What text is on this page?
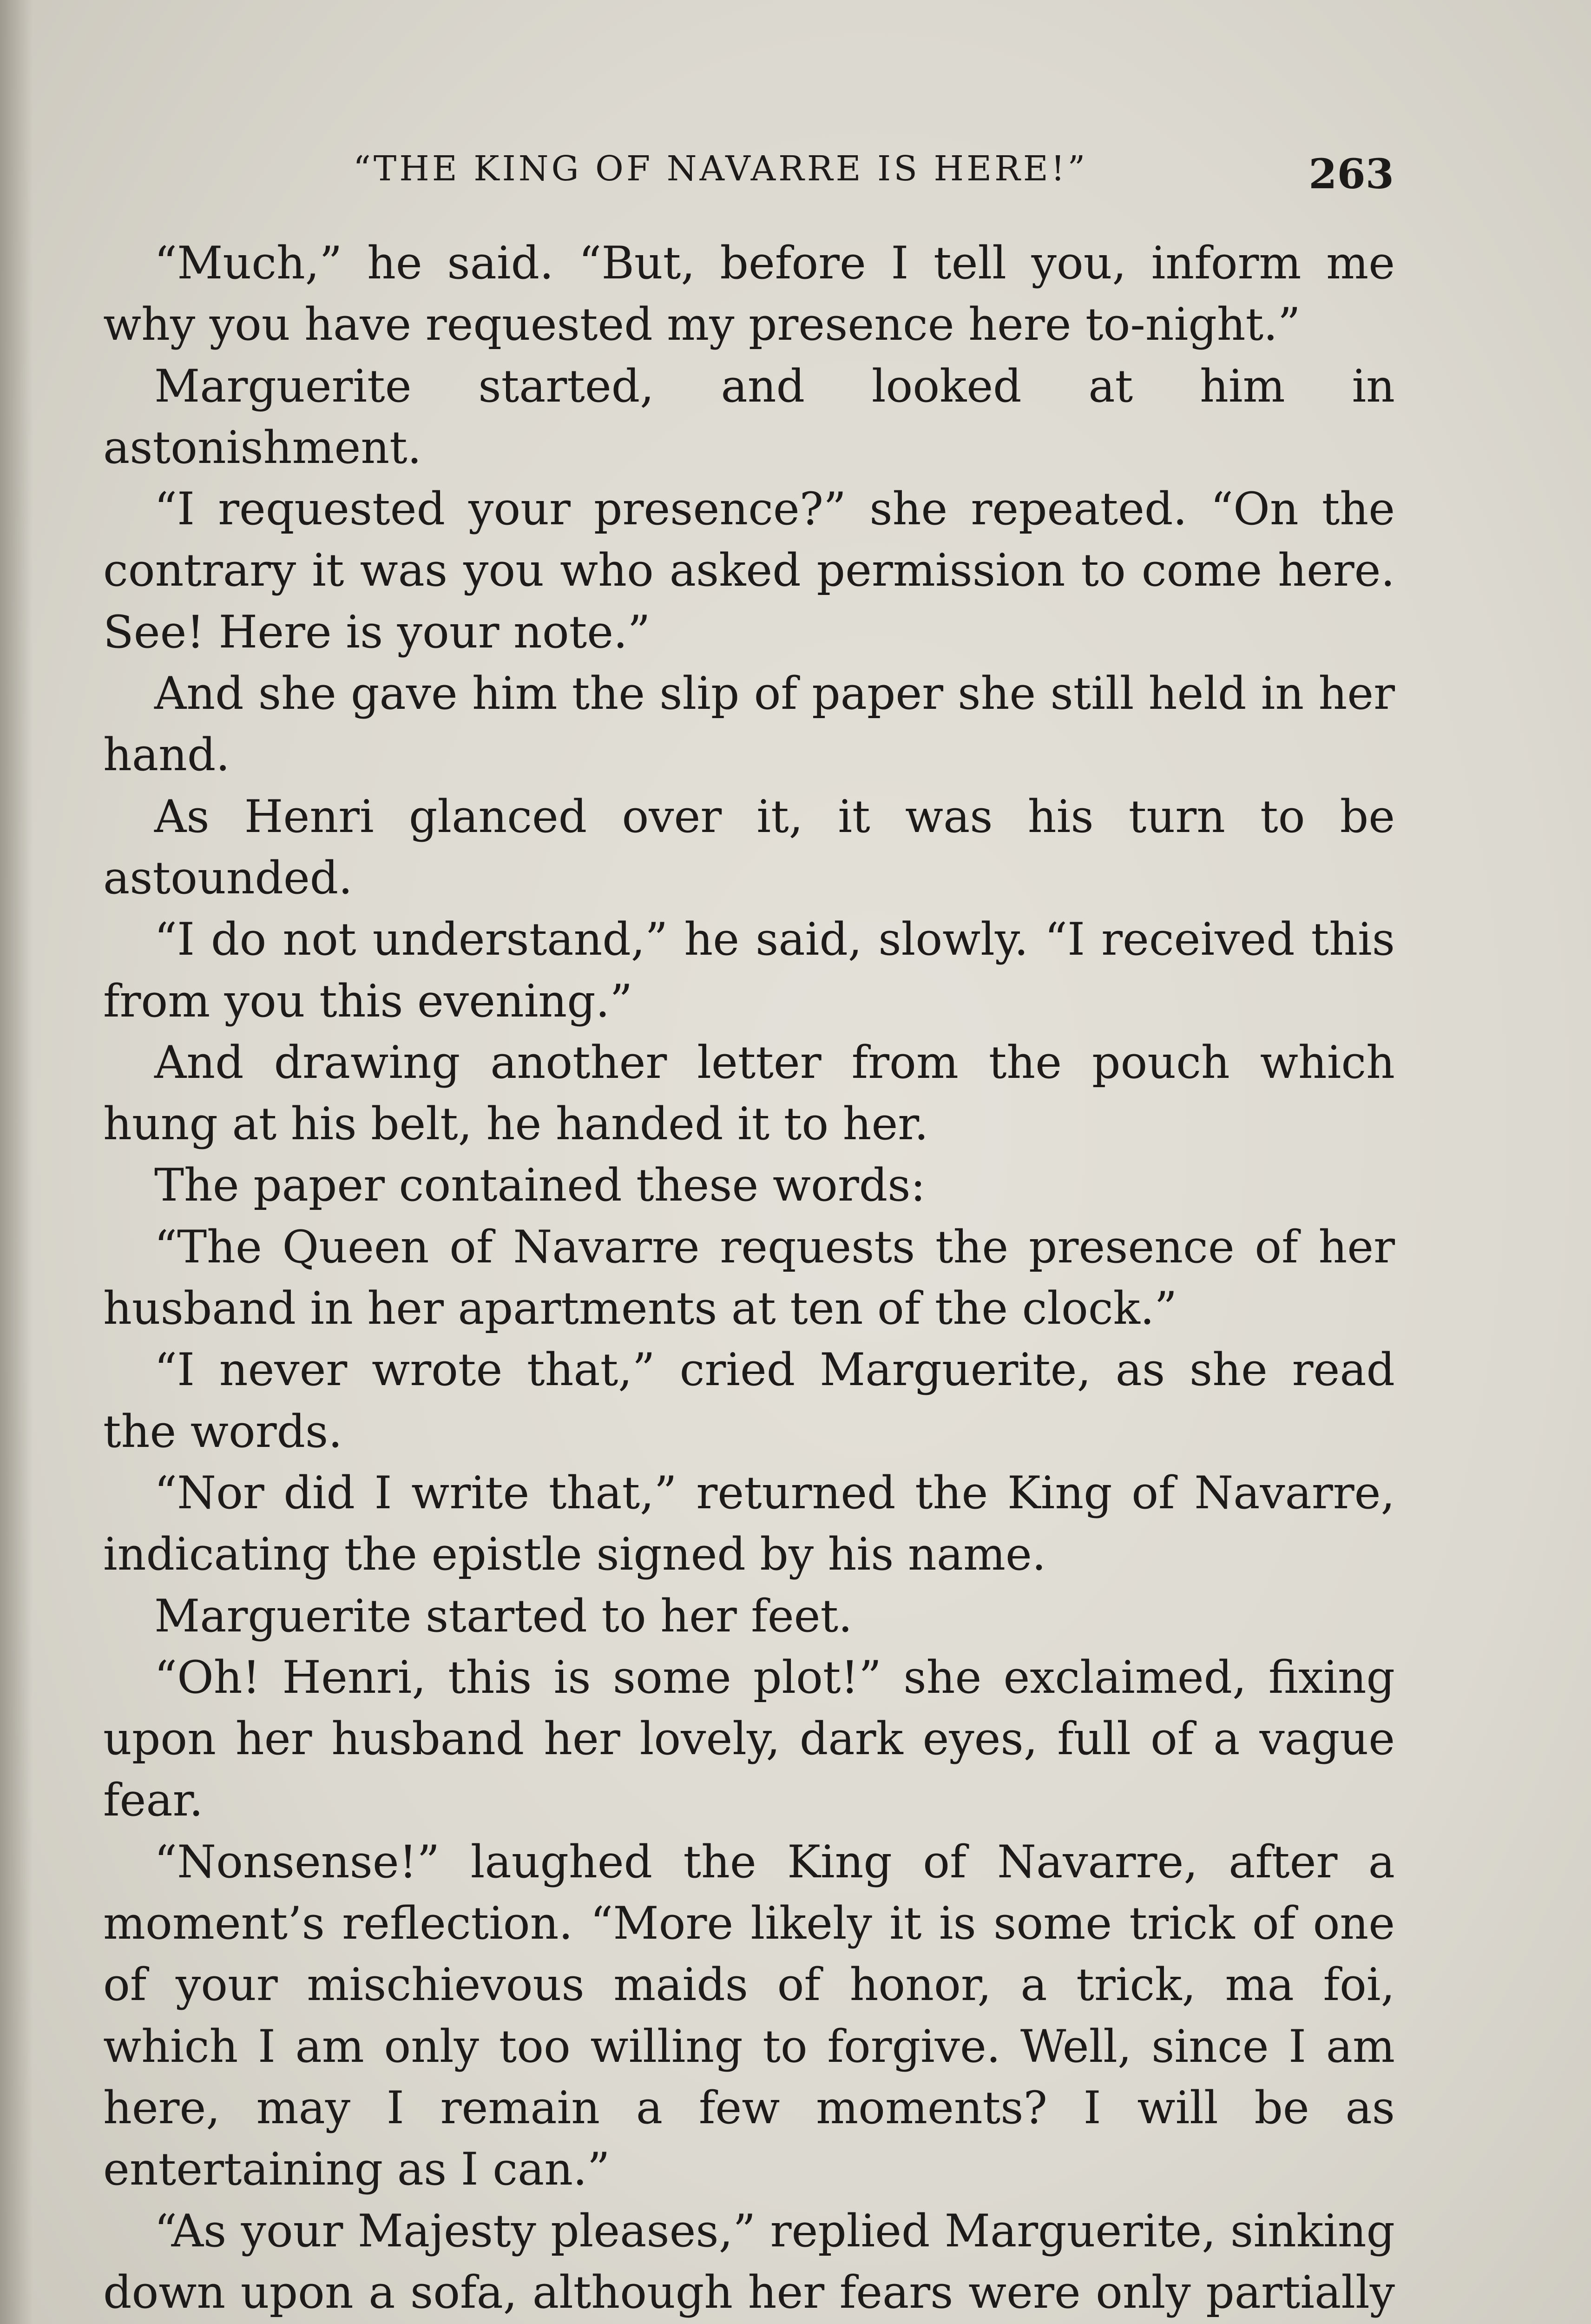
“THE KING OF NAVARRE IS HERE!”	263

“Much,” he said. “But, before I tell you, inform me why you have requested my presence here to-night.”

Marguerite started, and looked at him in astonishment.

“I requested your presence?” she repeated. “On the contrary it was you who asked permission to come here. See! Here is your note.”

And she gave him the slip of paper she still held in her hand.

As Henri glanced over it, it was his turn to be astounded.

“I do not understand,” he said, slowly. “I received this from you this evening.”

And drawing another letter from the pouch which hung at his belt, he handed it to her.

The paper contained these words:

“The Queen of Navarre requests the presence of her husband in her apartments at ten of the clock.”

“I never wrote that,” cried Marguerite, as she read the words.

“Nor did I write that,” returned the King of Navarre, indicating the epistle signed by his name.

Marguerite started to her feet.

“Oh! Henri, this is some plot!” she exclaimed, fixing upon her husband her lovely, dark eyes, full of a vague fear.

“Nonsense!” laughed the King of Navarre, after a moment’s reflection. “More likely it is some trick of one of your mischievous maids of honor, a trick, ma foi, which I am only too willing to forgive. Well, since I am here, may I remain a few moments? I will be as entertaining as I can.”

“As your Majesty pleases,” replied Marguerite, sinking down upon a sofa, although her fears were only partially
